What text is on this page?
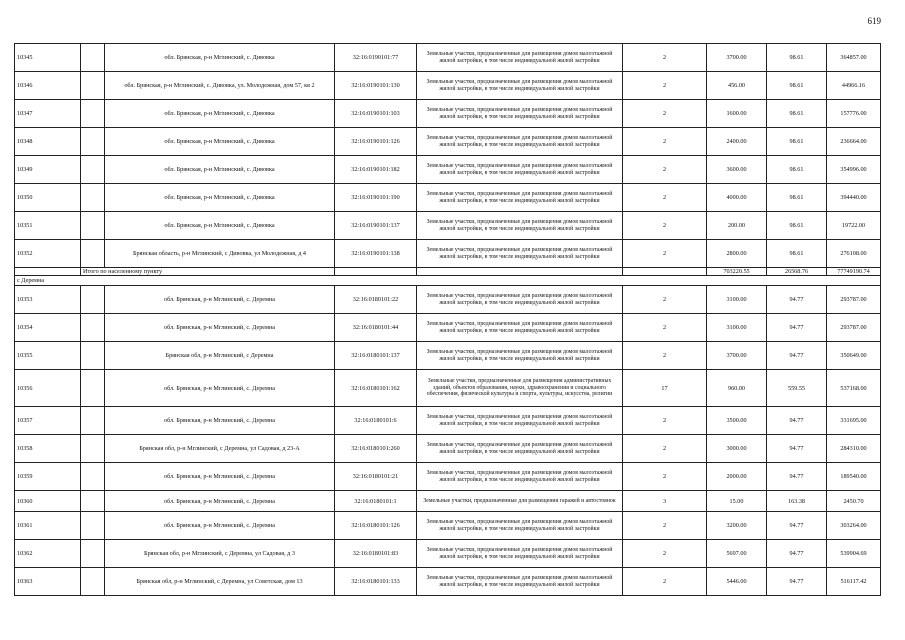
619
10345		обл. Брянская, р-н Мглинский, с. Дивовка	32:16:0190101:77	Земельные участки, предназначенные для размещения домов малоэтажной жилой застройки, в том числе индивидуальной жилой застройки	2	3700.00	98.61	364857.00
10346		обл. Брянская, р-н Мглинский, с. Дивовка, ул. Молодежная, дом 57, кв 2	32:16:0190101:130	Земельные участки, предназначенные для размещения домов малоэтажной жилой застройки, в том числе индивидуальной жилой застройки	2	456.00	98.61	44966.16
10347		обл. Брянская, р-н Мглинский, с. Дивовка	32:16:0190101:103	Земельные участки, предназначенные для размещения домов малоэтажной жилой застройки, в том числе индивидуальной жилой застройки	2	1600.00	98.61	157776.00
10348		обл. Брянская, р-н Мглинский, с. Дивовка	32:16:0190101:126	Земельные участки, предназначенные для размещения домов малоэтажной жилой застройки, в том числе индивидуальной жилой застройки	2	2400.00	98.61	236664.00
10349		обл. Брянская, р-н Мглинский, с. Дивовка	32:16:0190101:182	Земельные участки, предназначенные для размещения домов малоэтажной жилой застройки, в том числе индивидуальной жилой застройки	2	3600.00	98.61	354996.00
10350		обл. Брянская, р-н Мглинский, с. Дивовка	32:16:0190101:190	Земельные участки, предназначенные для размещения домов малоэтажной жилой застройки, в том числе индивидуальной жилой застройки	2	4000.00	98.61	394440.00
10351		обл. Брянская, р-н Мглинский, с. Дивовка	32:16:0190101:137	Земельные участки, предназначенные для размещения домов малоэтажной жилой застройки, в том числе индивидуальной жилой застройки	2	200.00	98.61	19722.00
10352		Брянская область, р-н Мглинский, с Дивовка, ул Молодежная, д 4	32:16:0190101:138	Земельные участки, предназначенные для размещения домов малоэтажной жилой застройки, в том числе индивидуальной жилой застройки	2	2800.00	98.61	276108.00
	Итого по населенному пункту					703220.55	26568.76	77749190.74
с Деремна								
10353		обл. Брянская, р-н Мглинский, с. Деремна	32:16:0180101:22	Земельные участки, предназначенные для размещения домов малоэтажной жилой застройки, в том числе индивидуальной жилой застройки	2	3100.00	94.77	293787.00
10354		обл. Брянская, р-н Мглинский, с. Деремна	32:16:0180101:44	Земельные участки, предназначенные для размещения домов малоэтажной жилой застройки, в том числе индивидуальной жилой застройки	2	3100.00	94.77	293787.00
10355		Брянская обл, р-н Мглинский, с Деремна	32:16:0180101:137	Земельные участки, предназначенные для размещения домов малоэтажной жилой застройки, в том числе индивидуальной жилой застройки	2	3700.00	94.77	350649.00
10356		обл. Брянская, р-н Мглинский, с. Деремна	32:16:0180101:162	Земельные участки, предназначенные для размещения административных зданий, объектов образования, науки, здравоохранения и социального обеспечения, физической культуры и спорта, культуры, искусства, религии	17	960.00	559.55	537168.00
10357		обл. Брянская, р-н Мглинский, с. Деремна	32:16:0180101:6	Земельные участки, предназначенные для размещения домов малоэтажной жилой застройки, в том числе индивидуальной жилой застройки	2	3500.00	94.77	331695.00
10358		Брянская обл, р-н Мглинский, с Деремна, ул Садовая, д 23-А	32:16:0180101:260	Земельные участки, предназначенные для размещения домов малоэтажной жилой застройки, в том числе индивидуальной жилой застройки	2	3000.00	94.77	284310.00
10359		обл. Брянская, р-н Мглинский, с. Деремна	32:16:0180101:21	Земельные участки, предназначенные для размещения домов малоэтажной жилой застройки, в том числе индивидуальной жилой застройки	2	2000.00	94.77	189540.00
10360		обл. Брянская, р-н Мглинский, с. Деремна	32:16:0180101:1	Земельные участки, предназначенные для размещения гаражей и автостоянок	3	15.00	163.38	2450.70
10361		обл. Брянская, р-н Мглинский, с. Деремна	32:16:0180101:126	Земельные участки, предназначенные для размещения домов малоэтажной жилой застройки, в том числе индивидуальной жилой застройки	2	3200.00	94.77	303264.00
10362		Брянская обл, р-н Мглинский, с Деремна, ул Садовая, д 3	32:16:0180101:83	Земельные участки, предназначенные для размещения домов малоэтажной жилой застройки, в том числе индивидуальной жилой застройки	2	5697.00	94.77	539904.69
10363		Брянская обл, р-н Мглинский, с Деремна, ул Советская, дом 13	32:16:0180101:133	Земельные участки, предназначенные для размещения домов малоэтажной жилой застройки, в том числе индивидуальной жилой застройки	2	5446.00	94.77	516117.42
